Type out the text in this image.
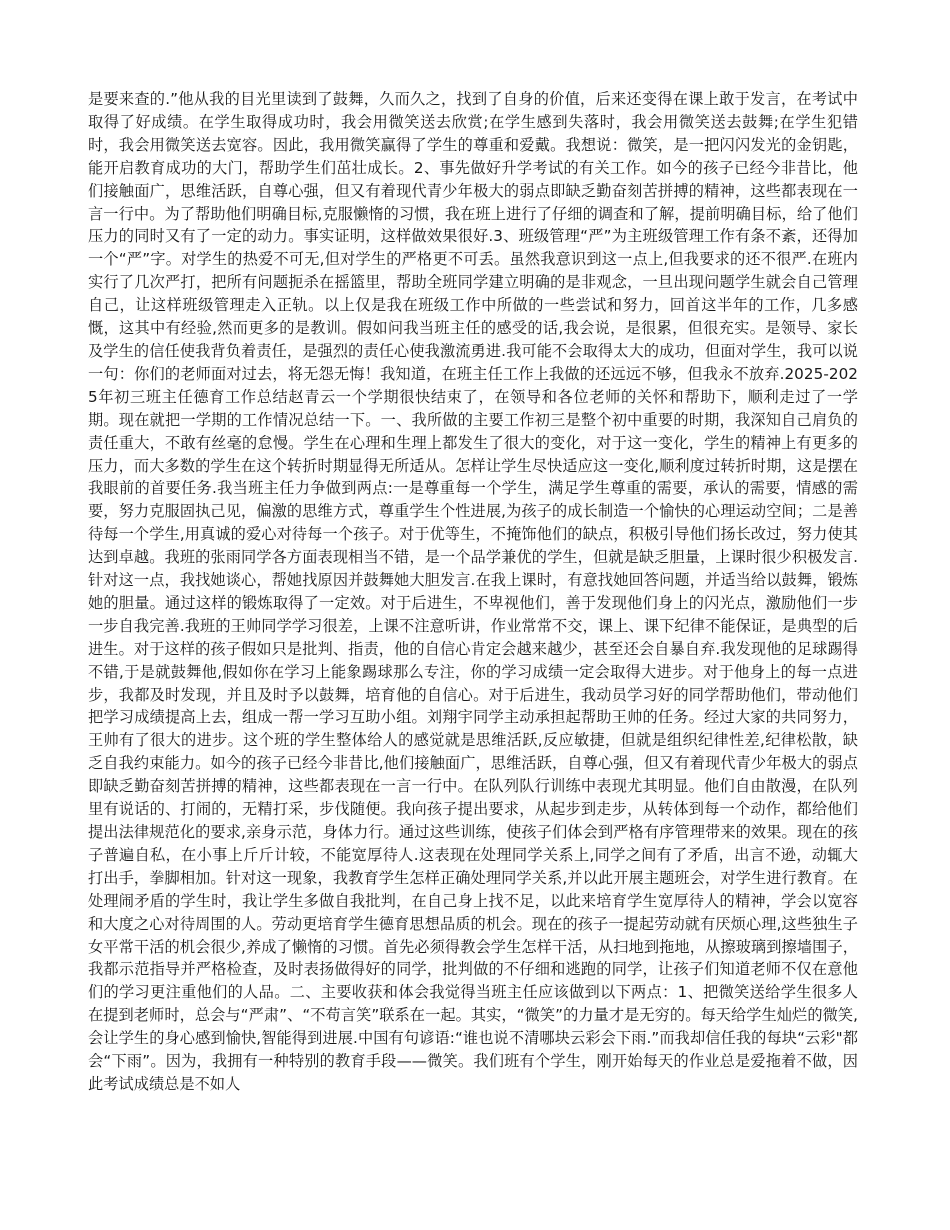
是要来查的.”他从我的目光里读到了鼓舞，久而久之，找到了自身的价值，后来还变得在课上敢于发言，在考试中取得了好成绩。在学生取得成功时，我会用微笑送去欣赏;在学生感到失落时，我会用微笑送去鼓舞;在学生犯错时，我会用微笑送去宽容。因此，我用微笑赢得了学生的尊重和爱戴。我想说：微笑，是一把闪闪发光的金钥匙，能开启教育成功的大门，帮助学生们茁壮成长。2、事先做好升学考试的有关工作。如今的孩子已经今非昔比，他们接触面广，思维活跃，自尊心强，但又有着现代青少年极大的弱点即缺乏勤奋刻苦拼搏的精神，这些都表现在一言一行中。为了帮助他们明确目标,克服懒惰的习惯，我在班上进行了仔细的调查和了解，提前明确目标，给了他们压力的同时又有了一定的动力。事实证明，这样做效果很好.3、班级管理“严”为主班级管理工作有条不紊，还得加一个“严”字。对学生的热爱不可无,但对学生的严格更不可丢。虽然我意识到这一点上,但我要求的还不很严.在班内实行了几次严打，把所有问题扼杀在摇篮里，帮助全班同学建立明确的是非观念，一旦出现问题学生就会自己管理自己，让这样班级管理走入正轨。以上仅是我在班级工作中所做的一些尝试和努力，回首这半年的工作，几多感慨，这其中有经验,然而更多的是教训。假如问我当班主任的感受的话,我会说，是很累，但很充实。是领导、家长及学生的信任使我背负着责任，是强烈的责任心使我激流勇进.我可能不会取得太大的成功，但面对学生，我可以说一句：你们的老师面对过去，将无怨无悔！我知道，在班主任工作上我做的还远远不够，但我永不放弃.2025-2025年初三班主任德育工作总结赵青云一个学期很快结束了，在领导和各位老师的关怀和帮助下，顺利走过了一学期。现在就把一学期的工作情况总结一下。一、我所做的主要工作初三是整个初中重要的时期，我深知自己肩负的责任重大，不敢有丝毫的怠慢。学生在心理和生理上都发生了很大的变化，对于这一变化，学生的精神上有更多的压力，而大多数的学生在这个转折时期显得无所适从。怎样让学生尽快适应这一变化,顺利度过转折时期，这是摆在我眼前的首要任务.我当班主任力争做到两点:一是尊重每一个学生，满足学生尊重的需要，承认的需要，情感的需要，努力克服固执己见，偏激的思维方式，尊重学生个性进展,为孩子的成长制造一个愉快的心理运动空间；二是善待每一个学生,用真诚的爱心对待每一个孩子。对于优等生，不掩饰他们的缺点，积极引导他们扬长改过，努力使其达到卓越。我班的张雨同学各方面表现相当不错，是一个品学兼优的学生，但就是缺乏胆量，上课时很少积极发言.针对这一点，我找她谈心，帮她找原因并鼓舞她大胆发言.在我上课时，有意找她回答问题，并适当给以鼓舞，锻炼她的胆量。通过这样的锻炼取得了一定效。对于后进生，不卑视他们，善于发现他们身上的闪光点，激励他们一步一步自我完善.我班的王帅同学学习很差，上课不注意听讲，作业常常不交，课上、课下纪律不能保证，是典型的后进生。对于这样的孩子假如只是批判、指责，他的自信心肯定会越来越少，甚至还会自暴自弃.我发现他的足球踢得不错,于是就鼓舞他,假如你在学习上能象踢球那么专注，你的学习成绩一定会取得大进步。对于他身上的每一点进步，我都及时发现，并且及时予以鼓舞，培育他的自信心。对于后进生，我动员学习好的同学帮助他们，带动他们把学习成绩提高上去，组成一帮一学习互助小组。刘翔宇同学主动承担起帮助王帅的任务。经过大家的共同努力，王帅有了很大的进步。这个班的学生整体给人的感觉就是思维活跃,反应敏捷，但就是组织纪律性差,纪律松散，缺乏自我约束能力。如今的孩子已经今非昔比,他们接触面广，思维活跃，自尊心强，但又有着现代青少年极大的弱点即缺乏勤奋刻苦拼搏的精神，这些都表现在一言一行中。在队列队行训练中表现尤其明显。他们自由散漫，在队列里有说话的、打闹的，无精打采，步伐随便。我向孩子提出要求，从起步到走步，从转体到每一个动作，都给他们提出法律规范化的要求,亲身示范，身体力行。通过这些训练，使孩子们体会到严格有序管理带来的效果。现在的孩子普遍自私，在小事上斤斤计较，不能宽厚待人.这表现在处理同学关系上,同学之间有了矛盾，出言不逊，动辄大打出手，拳脚相加。针对这一现象，我教育学生怎样正确处理同学关系,并以此开展主题班会，对学生进行教育。在处理闹矛盾的学生时，我让学生多做自我批判，在自己身上找不足，以此来培育学生宽厚待人的精神，学会以宽容和大度之心对待周围的人。劳动更培育学生德育思想品质的机会。现在的孩子一提起劳动就有厌烦心理,这些独生子女平常干活的机会很少,养成了懒惰的习惯。首先必须得教会学生怎样干活，从扫地到拖地，从擦玻璃到擦墙围子，我都示范指导并严格检查，及时表扬做得好的同学，批判做的不仔细和逃跑的同学，让孩子们知道老师不仅在意他们的学习更注重他们的人品。二、主要收获和体会我觉得当班主任应该做到以下两点：1、把微笑送给学生很多人在提到老师时，总会与“严肃”、“不苟言笑”联系在一起。其实，“微笑”的力量才是无穷的。每天给学生灿烂的微笑,会让学生的身心感到愉快,智能得到进展.中国有句谚语:“谁也说不清哪块云彩会下雨.”而我却信任我的每块“云彩"都会“下雨”。因为，我拥有一种特别的教育手段——微笑。我们班有个学生，刚开始每天的作业总是爱拖着不做，因此考试成绩总是不如人
